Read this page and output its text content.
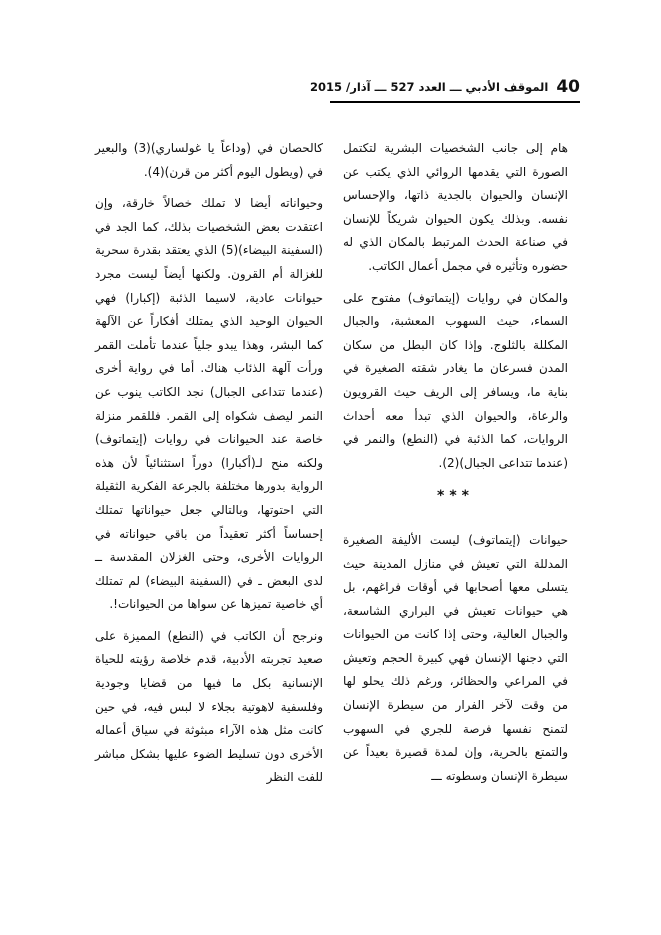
40
الموقف الأدبي ـــ العدد 527 ـــ آذار/ 2015

هام إلى جانب الشخصيات البشرية لتكتمل الصورة التي يقدمها الروائي الذي يكتب عن الإنسان والحيوان بالجدية ذاتها، والإحساس نفسه. وبذلك يكون الحيوان شريكاً للإنسان في صناعة الحدث المرتبط بالمكان الذي له حضوره وتأثيره في مجمل أعمال الكاتب.

والمكان في روايات (إيتماتوف) مفتوح على السماء، حيث السهوب المعشبة، والجبال المكللة بالثلوج. وإذا كان البطل من سكان المدن فسرعان ما يغادر شقته الصغيرة في بناية ما، ويسافر إلى الريف حيث القرويون والرعاة، والحيوان الذي تبدأ معه أحداث الروايات، كما الذئبة في (النطع) والنمر في (عندما تتداعى الجبال)(2).

***

حيوانات (إيتماتوف) ليست الأليفة الصغيرة المدللة التي تعيش في منازل المدينة حيث يتسلى معها أصحابها في أوقات فراغهم، بل هي حيوانات تعيش في البراري الشاسعة، والجبال العالية، وحتى إذا كانت من الحيوانات التي دجنها الإنسان فهي كبيرة الحجم وتعيش في المراعي والحظائر، ورغم ذلك يحلو لها من وقت لآخر الفرار من سيطرة الإنسان لتمنح نفسها فرصة للجري في السهوب والتمتع بالحرية، وإن لمدة قصيرة بعيداً عن سيطرة الإنسان وسطوته ـــ

كالحصان في (وداعاً يا غولساري)(3) والبعير في (ويطول اليوم أكثر من قرن)(4).

وحيواناته أيضا لا تملك خصالاً خارقة، وإن اعتقدت بعض الشخصيات بذلك، كما الجد في (السفينة البيضاء)(5) الذي يعتقد بقدرة سحرية للغزالة أم القرون. ولكنها أيضاً ليست مجرد حيوانات عادية، لاسيما الذئبة (إكبارا) فهي الحيوان الوحيد الذي يمتلك أفكاراً عن الآلهة كما البشر، وهذا يبدو جلياً عندما تأملت القمر ورأت آلهة الذئاب هناك. أما في رواية أخرى (عندما تتداعى الجبال) نجد الكاتب ينوب عن النمر ليصف شكواه إلى القمر. فللقمر منزلة خاصة عند الحيوانات في روايات (إيتماتوف) ولكنه منح لـ(أكبارا) دوراً استثنائياً لأن هذه الرواية بدورها مختلفة بالجرعة الفكرية الثقيلة التي احتوتها، وبالتالي جعل حيواناتها تمتلك إحساساً أكثر تعقيداً من باقي حيواناته في الروايات الأخرى، وحتى الغزلان المقدسة ــ لدى البعض ـ في (السفينة البيضاء) لم تمتلك أي خاصية تميزها عن سواها من الحيوانات!.

ونرجح أن الكاتب في (النطع) المميزة على صعيد تجربته الأدبية، قدم خلاصة رؤيته للحياة الإنسانية بكل ما فيها من قضايا وجودية وفلسفية لاهوتية بجلاء لا لبس فيه، في حين كانت مثل هذه الآراء مبثوثة في سياق أعماله الأخرى دون تسليط الضوء عليها بشكل مباشر للفت النظر
